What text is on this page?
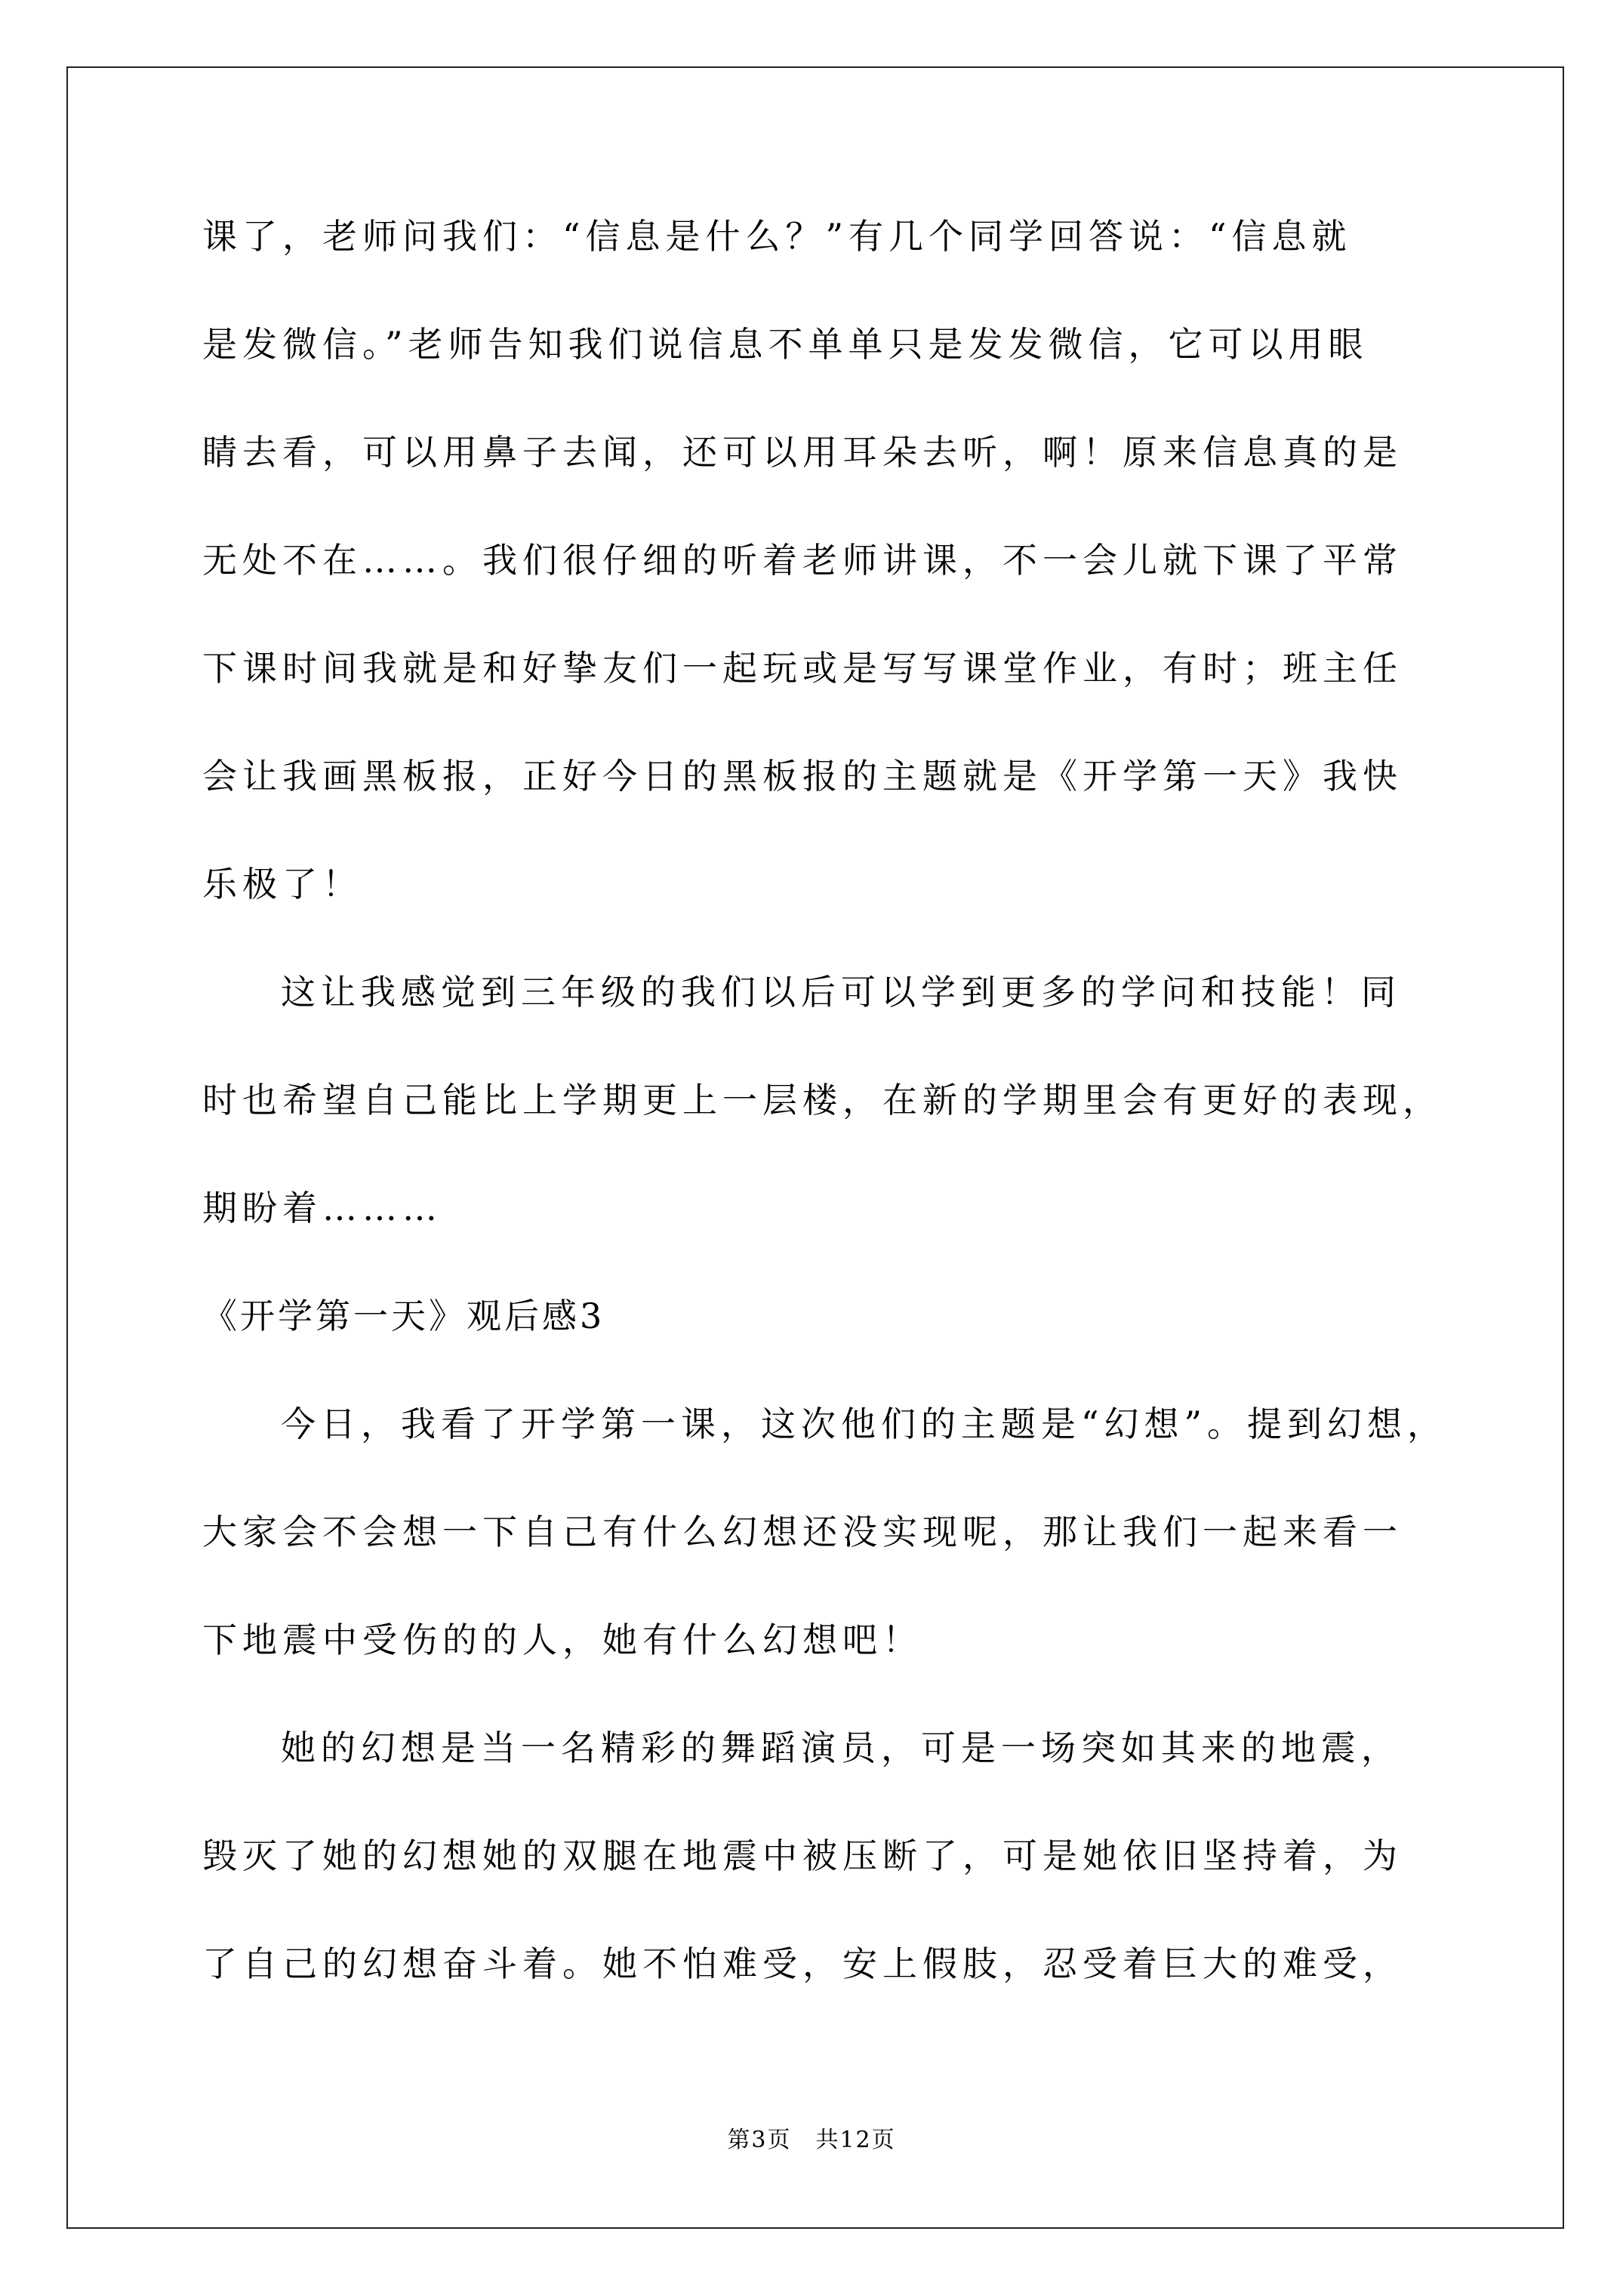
课了，老师问我们：“信息是什么？”有几个同学回答说：“信息就
是发微信。”老师告知我们说信息不单单只是发发微信，它可以用眼
睛去看，可以用鼻子去闻，还可以用耳朵去听，啊！原来信息真的是
无处不在……。我们很仔细的听着老师讲课，不一会儿就下课了平常
下课时间我就是和好挚友们一起玩或是写写课堂作业，有时；班主任
会让我画黑板报，正好今日的黑板报的主题就是《开学第一天》我快
乐极了！
这让我感觉到三年级的我们以后可以学到更多的学问和技能！同
时也希望自己能比上学期更上一层楼，在新的学期里会有更好的表现，
期盼着………
《开学第一天》观后感3
今日，我看了开学第一课，这次他们的主题是“幻想”。提到幻想，
大家会不会想一下自己有什么幻想还没实现呢，那让我们一起来看一
下地震中受伤的的人，她有什么幻想吧！
她的幻想是当一名精彩的舞蹈演员，可是一场突如其来的地震，
毁灭了她的幻想她的双腿在地震中被压断了，可是她依旧坚持着，为
了自己的幻想奋斗着。她不怕难受，安上假肢，忍受着巨大的难受，
第3页　共12页
